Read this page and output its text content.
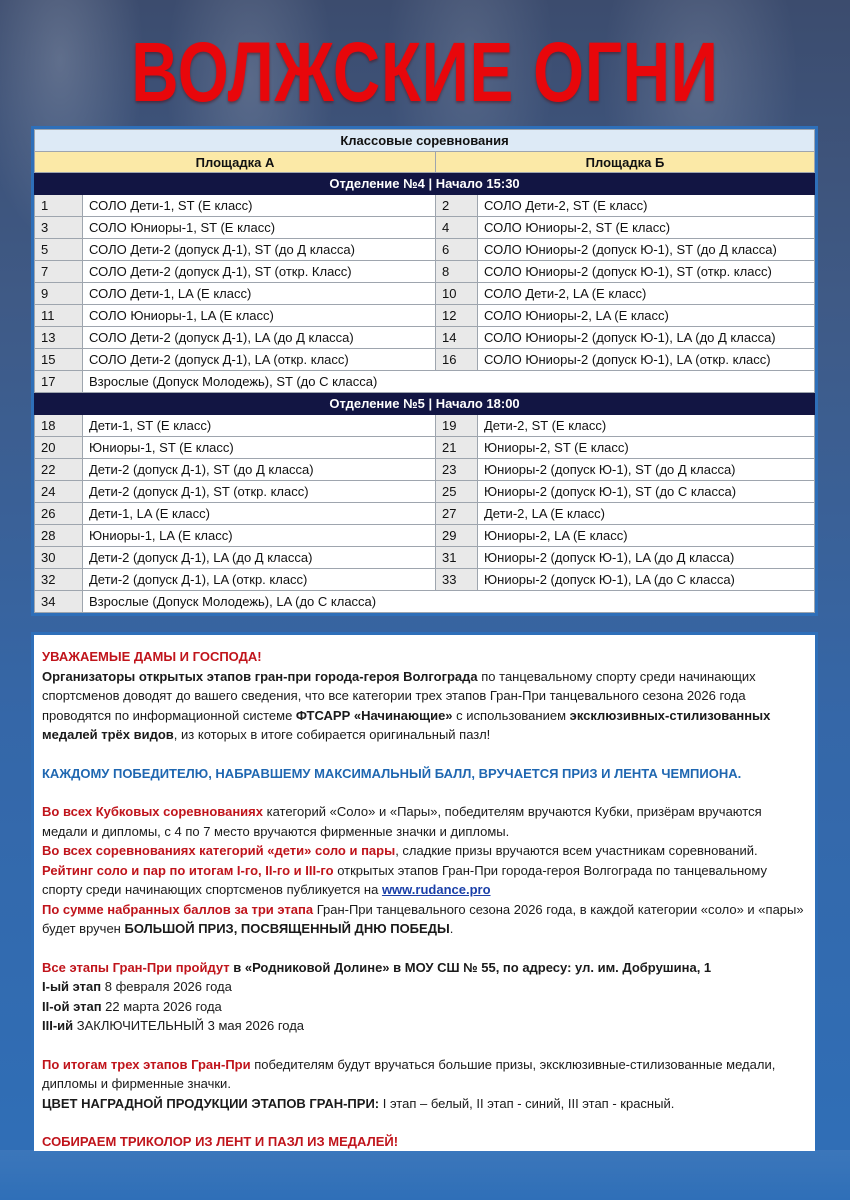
ВОЛЖСКИЕ ОГНИ
Классовые соревнования			
Площадка А		Площадка Б	
Отделение №4 | Начало 15:30			
1	СОЛО Дети-1, ST (Е класс)	2	СОЛО Дети-2, ST (Е класс)
3	СОЛО Юниоры-1, ST (Е класс)	4	СОЛО Юниоры-2, ST (Е класс)
5	СОЛО Дети-2 (допуск Д-1), ST (до Д класса)	6	СОЛО Юниоры-2 (допуск Ю-1), ST (до Д класса)
7	СОЛО Дети-2 (допуск Д-1), ST (откр. Класс)	8	СОЛО Юниоры-2 (допуск Ю-1), ST (откр. класс)
9	СОЛО Дети-1, LA (Е класс)	10	СОЛО Дети-2, LA (Е класс)
11	СОЛО Юниоры-1, LA (Е класс)	12	СОЛО Юниоры-2, LA (Е класс)
13	СОЛО Дети-2 (допуск Д-1), LA (до Д класса)	14	СОЛО Юниоры-2 (допуск Ю-1), LA (до Д класса)
15	СОЛО Дети-2 (допуск Д-1), LA (откр. класс)	16	СОЛО Юниоры-2 (допуск Ю-1), LA (откр. класс)
17	Взрослые (Допуск Молодежь), ST (до С класса)		
Отделение №5 | Начало 18:00			
18	Дети-1, ST (Е класс)	19	Дети-2, ST (Е класс)
20	Юниоры-1, ST (Е класс)	21	Юниоры-2, ST (Е класс)
22	Дети-2 (допуск Д-1), ST (до Д класса)	23	Юниоры-2 (допуск Ю-1), ST (до Д класса)
24	Дети-2 (допуск Д-1), ST (откр. класс)	25	Юниоры-2 (допуск Ю-1), ST (до С класса)
26	Дети-1, LA (Е класс)	27	Дети-2, LA (Е класс)
28	Юниоры-1, LA (Е класс)	29	Юниоры-2, LA (Е класс)
30	Дети-2 (допуск Д-1), LA (до Д класса)	31	Юниоры-2 (допуск Ю-1), LA (до Д класса)
32	Дети-2 (допуск Д-1), LA (откр. класс)	33	Юниоры-2 (допуск Ю-1), LA (до С класса)
34	Взрослые (Допуск Молодежь), LA (до С класса)		

УВАЖАЕМЫЕ ДАМЫ И ГОСПОДА!

Организаторы открытых этапов гран-при города-героя Волгограда по танцевальному спорту среди начинающих спортсменов доводят до вашего сведения, что все категории трех этапов Гран-При танцевального сезона 2026 года проводятся по информационной системе ФТСАРР «Начинающие» с использованием эксклюзивных-стилизованных медалей трёх видов, из которых в итоге собирается оригинальный пазл!

КАЖДОМУ ПОБЕДИТЕЛЮ, НАБРАВШЕМУ МАКСИМАЛЬНЫЙ БАЛЛ, ВРУЧАЕТСЯ ПРИЗ И ЛЕНТА ЧЕМПИОНА.

Во всех Кубковых соревнованиях категорий «Соло» и «Пары», победителям вручаются Кубки, призёрам вручаются медали и дипломы, с 4 по 7 место вручаются фирменные значки и дипломы.

Во всех соревнованиях категорий «дети» соло и пары, сладкие призы вручаются всем участникам соревнований.

Рейтинг соло и пар по итогам I-го, II-го и III-го открытых этапов Гран-При города-героя Волгограда по танцевальному спорту среди начинающих спортсменов публикуется на www.rudance.pro

По сумме набранных баллов за три этапа Гран-При танцевального сезона 2026 года, в каждой категории «соло» и «пары» будет вручен БОЛЬШОЙ ПРИЗ, ПОСВЯЩЕННЫЙ ДНЮ ПОБЕДЫ.

Все этапы Гран-При пройдут в «Родниковой Долине» в МОУ СШ № 55, по адресу: ул. им. Добрушина, 1

I-ый этап 8 февраля 2026 года

II-ой этап 22 марта 2026 года

III-ий ЗАКЛЮЧИТЕЛЬНЫЙ 3 мая 2026 года

По итогам трех этапов Гран-При победителям будут вручаться большие призы, эксклюзивные-стилизованные медали, дипломы и фирменные значки.

ЦВЕТ НАГРАДНОЙ ПРОДУКЦИИ ЭТАПОВ ГРАН-ПРИ: I этап – белый, II этап - синий, III этап - красный.

СОБИРАЕМ ТРИКОЛОР ИЗ ЛЕНТ И ПАЗЛ ИЗ МЕДАЛЕЙ!
